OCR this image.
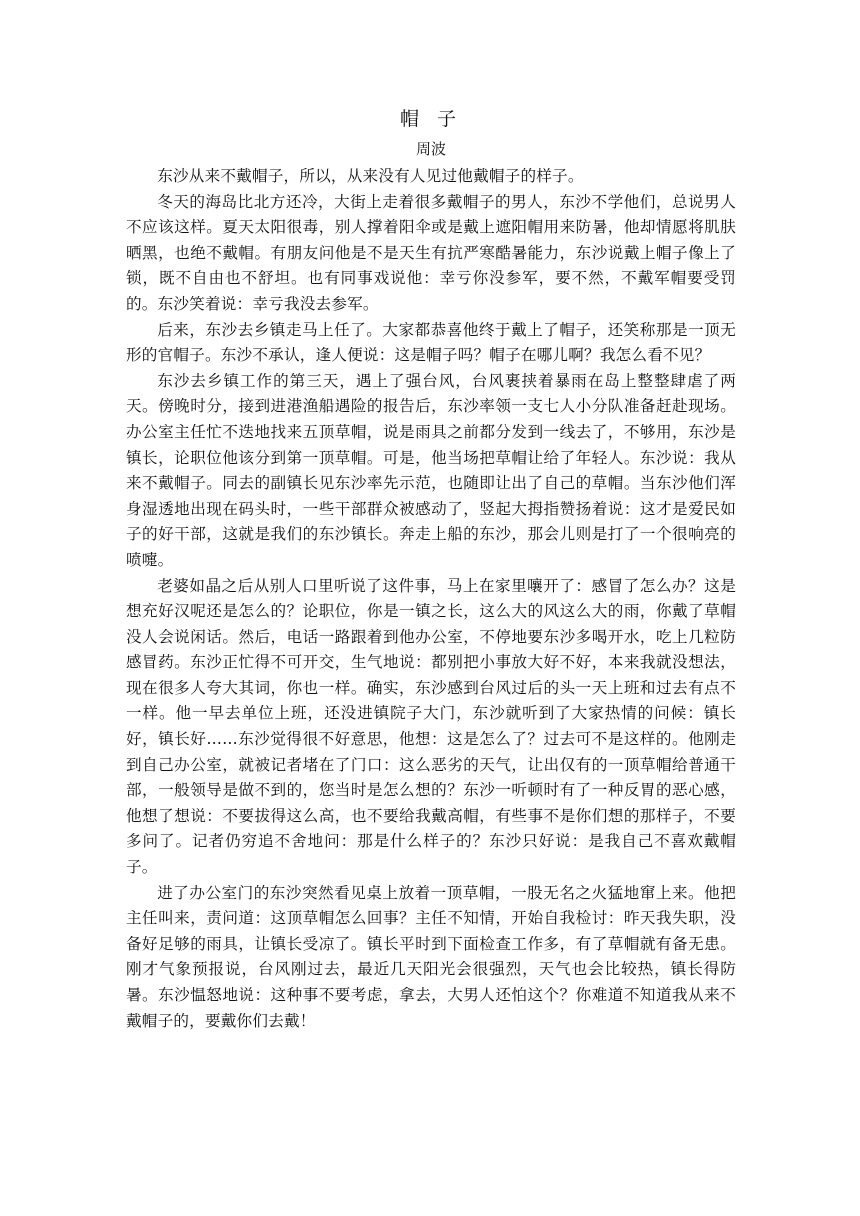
帽 子
周波

东沙从来不戴帽子，所以，从来没有人见过他戴帽子的样子。

冬天的海岛比北方还冷，大街上走着很多戴帽子的男人，东沙不学他们，总说男人不应该这样。夏天太阳很毒，别人撑着阳伞或是戴上遮阳帽用来防暑，他却情愿将肌肤晒黑，也绝不戴帽。有朋友问他是不是天生有抗严寒酷暑能力，东沙说戴上帽子像上了锁，既不自由也不舒坦。也有同事戏说他：幸亏你没参军，要不然，不戴军帽要受罚的。东沙笑着说：幸亏我没去参军。

后来，东沙去乡镇走马上任了。大家都恭喜他终于戴上了帽子，还笑称那是一顶无形的官帽子。东沙不承认，逢人便说：这是帽子吗？帽子在哪儿啊？我怎么看不见？

东沙去乡镇工作的第三天，遇上了强台风，台风裹挟着暴雨在岛上整整肆虐了两天。傍晚时分，接到进港渔船遇险的报告后，东沙率领一支七人小分队准备赶赴现场。办公室主任忙不迭地找来五顶草帽，说是雨具之前都分发到一线去了，不够用，东沙是镇长，论职位他该分到第一顶草帽。可是，他当场把草帽让给了年轻人。东沙说：我从来不戴帽子。同去的副镇长见东沙率先示范，也随即让出了自己的草帽。当东沙他们浑身湿透地出现在码头时，一些干部群众被感动了，竖起大拇指赞扬着说：这才是爱民如子的好干部，这就是我们的东沙镇长。奔走上船的东沙，那会儿则是打了一个很响亮的喷嚏。

老婆如晶之后从别人口里听说了这件事，马上在家里嚷开了：感冒了怎么办？这是想充好汉呢还是怎么的？论职位，你是一镇之长，这么大的风这么大的雨，你戴了草帽没人会说闲话。然后，电话一路跟着到他办公室，不停地要东沙多喝开水，吃上几粒防感冒药。东沙正忙得不可开交，生气地说：都别把小事放大好不好，本来我就没想法，现在很多人夸大其词，你也一样。确实，东沙感到台风过后的头一天上班和过去有点不一样。他一早去单位上班，还没进镇院子大门，东沙就听到了大家热情的问候：镇长好，镇长好……东沙觉得很不好意思，他想：这是怎么了？过去可不是这样的。他刚走到自己办公室，就被记者堵在了门口：这么恶劣的天气，让出仅有的一顶草帽给普通干部，一般领导是做不到的，您当时是怎么想的？东沙一听顿时有了一种反胃的恶心感，他想了想说：不要拔得这么高，也不要给我戴高帽，有些事不是你们想的那样子，不要多问了。记者仍穷追不舍地问：那是什么样子的？东沙只好说：是我自己不喜欢戴帽子。

进了办公室门的东沙突然看见桌上放着一顶草帽，一股无名之火猛地窜上来。他把主任叫来，责问道：这顶草帽怎么回事？主任不知情，开始自我检讨：昨天我失职，没备好足够的雨具，让镇长受凉了。镇长平时到下面检查工作多，有了草帽就有备无患。刚才气象预报说，台风刚过去，最近几天阳光会很强烈，天气也会比较热，镇长得防暑。东沙愠怒地说：这种事不要考虑，拿去，大男人还怕这个？你难道不知道我从来不戴帽子的，要戴你们去戴！
